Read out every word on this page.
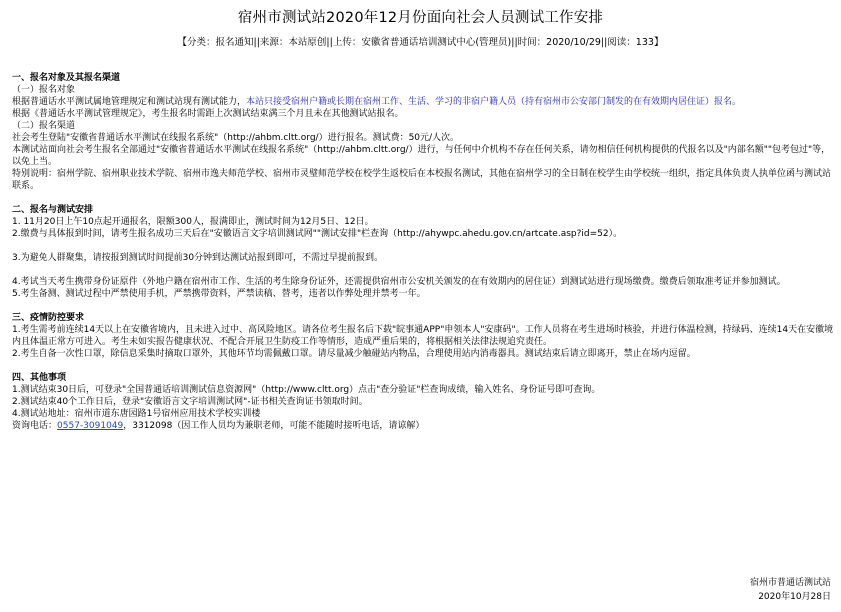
宿州市测试站2020年12月份面向社会人员测试工作安排
【分类：报名通知||来源：本站原创||上传：安徽省普通话培训测试中心(管理员)||时间：2020/10/29||阅读：133】

一、报名对象及其报名渠道

（一）报名对象

根据普通话水平测试属地管理规定和测试站现有测试能力，本站只接受宿州户籍或长期在宿州工作、生活、学习的非宿户籍人员（持有宿州市公安部门制发的在有效期内居住证）报名。

根据《普通话水平测试管理规定》，考生报名时需距上次测试结束满三个月且未在其他测试站报名。

（二）报名渠道

社会考生登陆"安徽省普通话水平测试在线报名系统"（http://ahbm.cltt.org/）进行报名。测试费：50元/人次。

本测试站面向社会考生报名全部通过"安徽省普通话水平测试在线报名系统"（http://ahbm.cltt.org/）进行，与任何中介机构不存在任何关系，请勿相信任何机构提供的代报名以及"内部名额""包考包过"等，以免上当。

特别说明：宿州学院、宿州职业技术学院、宿州市逸夫师范学校、宿州市灵璧师范学校在校学生返校后在本校报名测试，其他在宿州学习的全日制在校学生由学校统一组织，指定具体负责人执单位函与测试站联系。

二、报名与测试安排

1. 11月20日上午10点起开通报名，限额300人，报满即止，测试时间为12月5日、12日。

2.缴费与具体报到时间，请考生报名成功三天后在"安徽语言文字培训测试网""测试安排"栏查询（http://ahywpc.ahedu.gov.cn/artcate.asp?id=52）。

3.为避免人群聚集，请按报到测试时间提前30分钟到达测试站报到即可，不需过早提前报到。

4.考试当天考生携带身份证原件（外地户籍在宿州市工作、生活的考生除身份证外，还需提供宿州市公安机关颁发的在有效期内的居住证）到测试站进行现场缴费。缴费后领取准考证并参加测试。

5.考生备测、测试过程中严禁使用手机，严禁携带资料，严禁读稿、替考，违者以作弊处理并禁考一年。

三、疫情防控要求

1.考生需考前连续14天以上在安徽省境内，且未进入过中、高风险地区。请各位考生报名后下载"皖事通APP"申领本人"安康码"。工作人员将在考生进场时核验，并进行体温检测，持绿码、连续14天在安徽境内且体温正常方可进入。考生未如实报告健康状况、不配合开展卫生防疫工作等情形，造成严重后果的，将根据相关法律法规追究责任。

2.考生自备一次性口罩，除信息采集时摘取口罩外，其他环节均需佩戴口罩。请尽量减少触碰站内物品，合理使用站内消毒器具。测试结束后请立即离开，禁止在场内逗留。

四、其他事项

1.测试结束30日后，可登录"全国普通话培训测试信息资源网"（http://www.cltt.org）点击"查分验证"栏查询成绩，输入姓名、身份证号即可查询。

2.测试结束40个工作日后，登录"安徽语言文字培训测试网"-证书相关查询证书领取时间。

4.测试站地址：宿州市道东唐园路1号宿州应用技术学校实训楼

资询电话：0557-3091049，3312098（因工作人员均为兼职老师，可能不能随时接听电话，请谅解）

宿州市普通话测试站
2020年10月28日
